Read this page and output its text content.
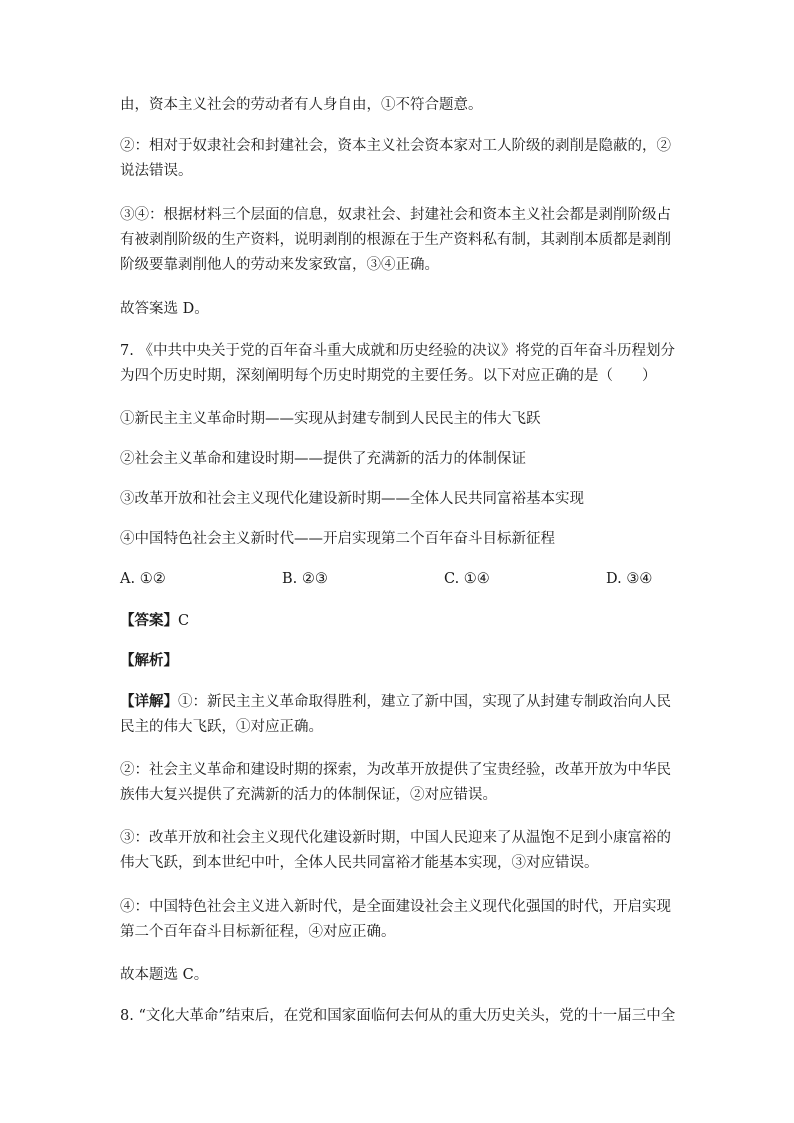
由，资本主义社会的劳动者有人身自由，①不符合题意。
②：相对于奴隶社会和封建社会，资本主义社会资本家对工人阶级的剥削是隐蔽的，②说法错误。
③④：根据材料三个层面的信息，奴隶社会、封建社会和资本主义社会都是剥削阶级占有被剥削阶级的生产资料，说明剥削的根源在于生产资料私有制，其剥削本质都是剥削阶级要靠剥削他人的劳动来发家致富，③④正确。
故答案选 D。
7. 《中共中央关于党的百年奋斗重大成就和历史经验的决议》将党的百年奋斗历程划分为四个历史时期，深刻阐明每个历史时期党的主要任务。以下对应正确的是（　　）
①新民主主义革命时期——实现从封建专制到人民民主的伟大飞跃
②社会主义革命和建设时期——提供了充满新的活力的体制保证
③改革开放和社会主义现代化建设新时期——全体人民共同富裕基本实现
④中国特色社会主义新时代——开启实现第二个百年奋斗目标新征程
A. ①②	B. ②③	C. ①④	D. ③④
【答案】C
【解析】
【详解】①：新民主主义革命取得胜利，建立了新中国，实现了从封建专制政治向人民民主的伟大飞跃，①对应正确。
②：社会主义革命和建设时期的探索，为改革开放提供了宝贵经验，改革开放为中华民族伟大复兴提供了充满新的活力的体制保证，②对应错误。
③：改革开放和社会主义现代化建设新时期，中国人民迎来了从温饱不足到小康富裕的伟大飞跃，到本世纪中叶，全体人民共同富裕才能基本实现，③对应错误。
④：中国特色社会主义进入新时代，是全面建设社会主义现代化强国的时代，开启实现第二个百年奋斗目标新征程，④对应正确。
故本题选 C。
8. “文化大革命”结束后，在党和国家面临何去何从的重大历史关头，党的十一届三中全
